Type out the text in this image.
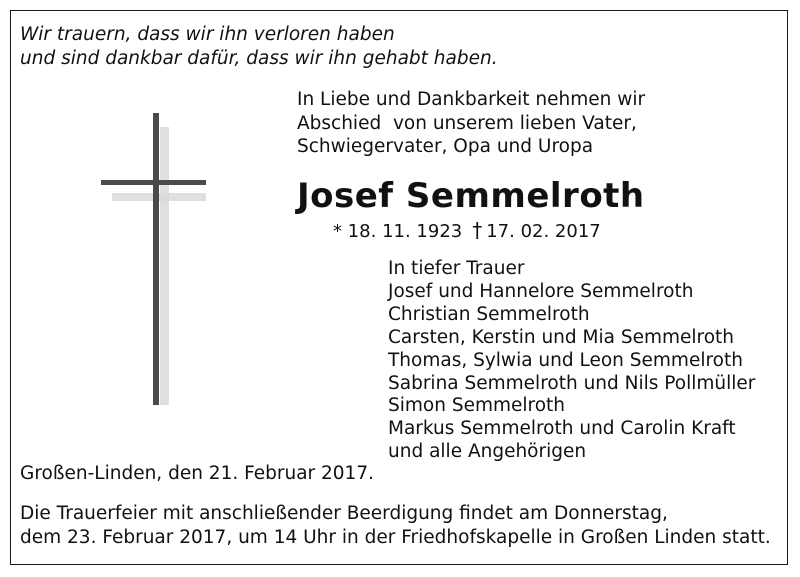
Wir trauern, dass wir ihn verloren haben
und sind dankbar dafür, dass wir ihn gehabt haben.
In Liebe und Dankbarkeit nehmen wir
Abschied  von unserem lieben Vater,
Schwiegervater, Opa und Uropa
Josef Semmelroth
* 18. 11. 1923 † 17. 02. 2017
In tiefer Trauer
Josef und Hannelore Semmelroth
Christian Semmelroth
Carsten, Kerstin und Mia Semmelroth
Thomas, Sylwia und Leon Semmelroth
Sabrina Semmelroth und Nils Pollmüller
Simon Semmelroth
Markus Semmelroth und Carolin Kraft
und alle Angehörigen
Großen-Linden, den 21. Februar 2017.
Die Trauerfeier mit anschließender Beerdigung findet am Donnerstag,
dem 23. Februar 2017, um 14 Uhr in der Friedhofskapelle in Großen Linden statt.
